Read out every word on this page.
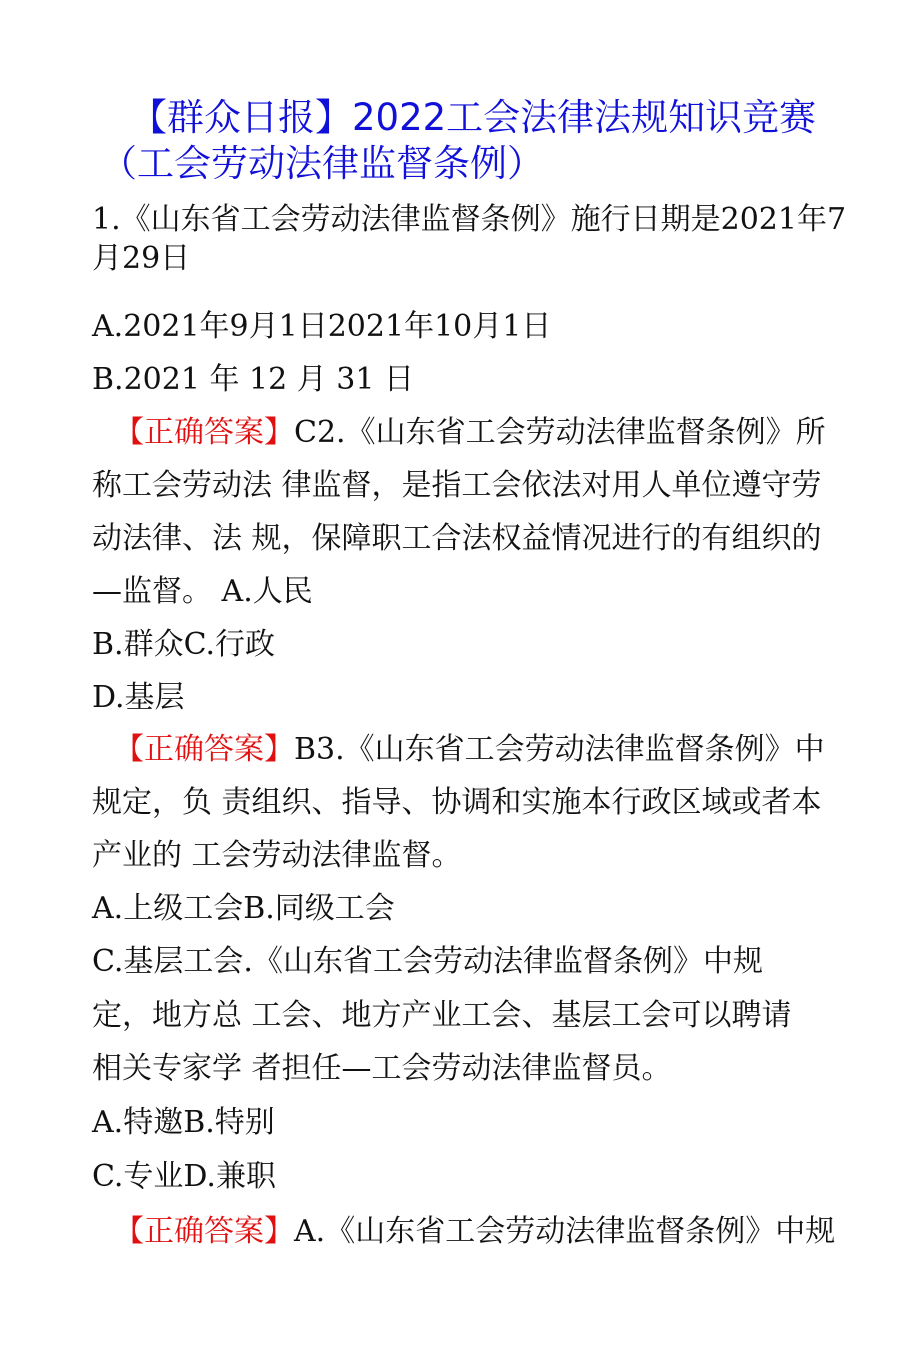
【群众日报】2022工会法律法规知识竞赛
（工会劳动法律监督条例）
1.《山东省工会劳动法律监督条例》施行日期是2021年7
月29日
A.2021年9月1日2021年10月1日
B.2021 年 12 月 31 日
【正确答案】C2.《山东省工会劳动法律监督条例》所
称工会劳动法 律监督，是指工会依法对用人单位遵守劳
动法律、法 规，保障职工合法权益情况进行的有组织的
—监督。 A.人民
B.群众C.行政
D.基层
【正确答案】B3.《山东省工会劳动法律监督条例》中
规定，负 责组织、指导、协调和实施本行政区域或者本
产业的 工会劳动法律监督。
A.上级工会B.同级工会
C.基层工会.《山东省工会劳动法律监督条例》中规
定，地方总 工会、地方产业工会、基层工会可以聘请
相关专家学 者担任—工会劳动法律监督员。
A.特邀B.特别
C.专业D.兼职
【正确答案】A.《山东省工会劳动法律监督条例》中规
